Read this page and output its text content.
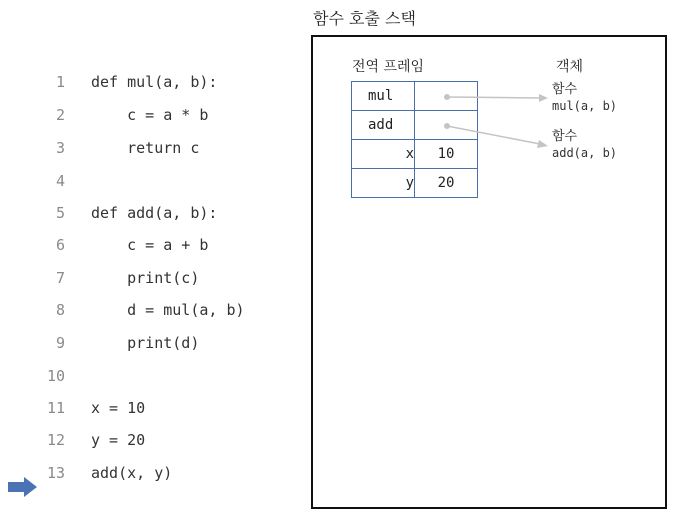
1 def mul(a, b):
2 c = a * b
3 return c
4
5 def add(a, b):
6 c = a + b
7 print(c)
8 d = mul(a, b)
9 print(d)
10
11 x = 10
12 y = 20
13 add(x, y)
함수 호출 스택
전역 프레임	객체
mul	
add	
x	10
y	20
함수
mul(a, b)
함수
add(a, b)
